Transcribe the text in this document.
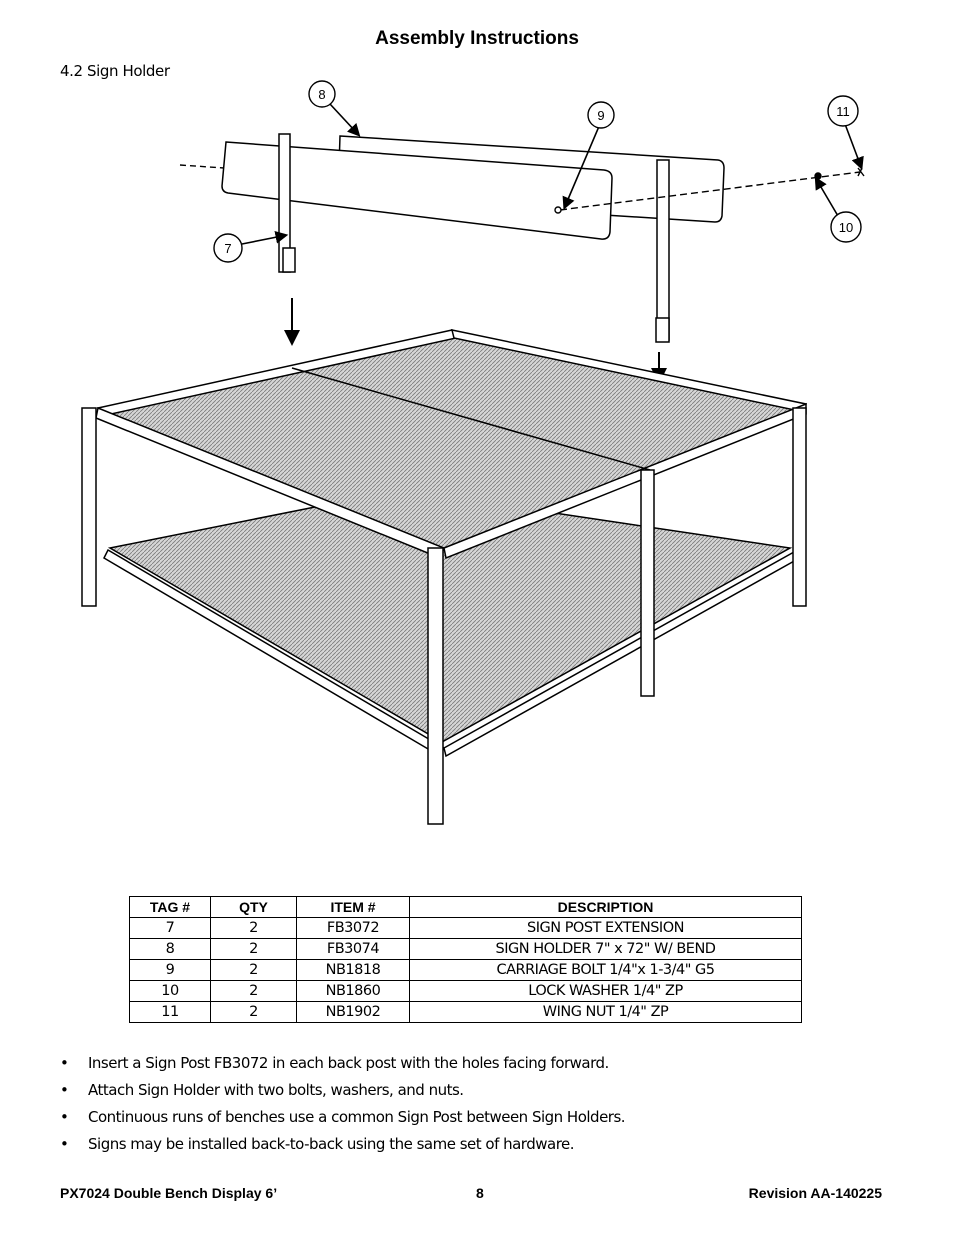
Assembly Instructions
4.2 Sign Holder
8
9	11
7
10
TAG #	QTY	ITEM #	DESCRIPTION
7	2	FB3072	SIGN POST EXTENSION
8	2	FB3074	SIGN HOLDER 7" x 72" W/ BEND
9	2	NB1818	CARRIAGE BOLT 1/4"x 1-3/4" G5
10	2	NB1860	LOCK WASHER 1/4" ZP
11	2	NB1902	WING NUT 1/4" ZP
• Insert a Sign Post FB3072 in each back post with the holes facing forward.
• Attach Sign Holder with two bolts, washers, and nuts.
• Continuous runs of benches use a common Sign Post between Sign Holders.
• Signs may be installed back-to-back using the same set of hardware.
PX7024 Double Bench Display 6’	8	Revision AA-140225
